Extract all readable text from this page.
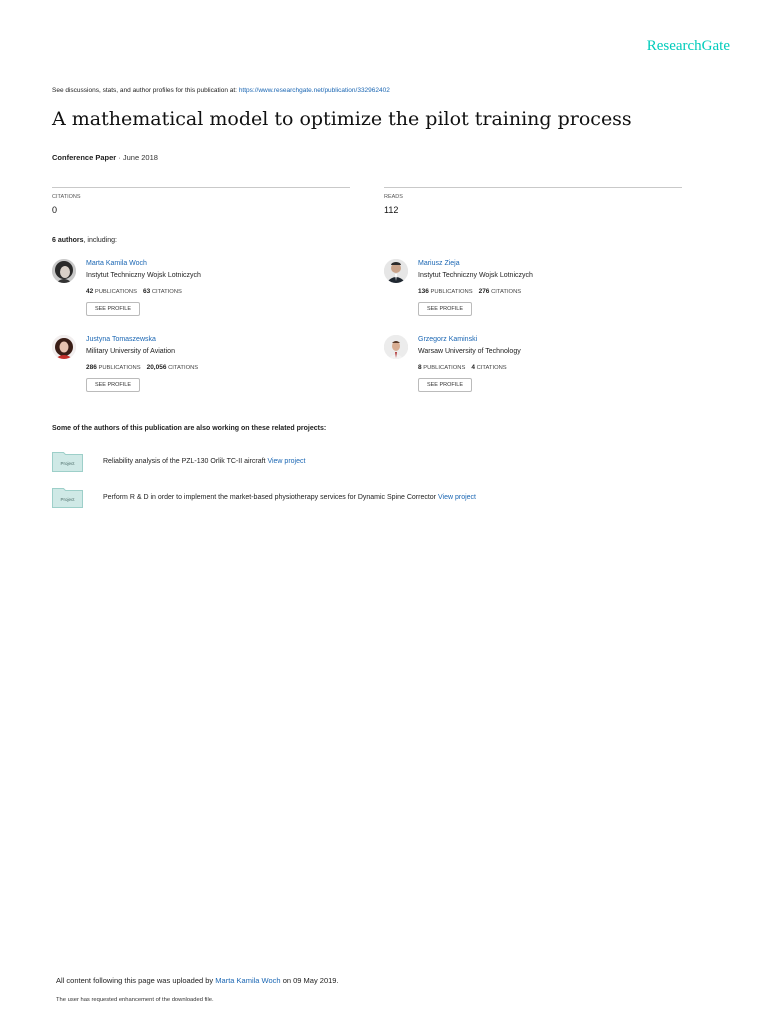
ResearchGate
See discussions, stats, and author profiles for this publication at: https://www.researchgate.net/publication/332962402
A mathematical model to optimize the pilot training process
Conference Paper · June 2018
CITATIONS
0
READS
112
6 authors, including:
Marta Kamila Woch
Instytut Techniczny Wojsk Lotniczych
42 PUBLICATIONS 63 CITATIONS
SEE PROFILE
Mariusz Zieja
Instytut Techniczny Wojsk Lotniczych
136 PUBLICATIONS 276 CITATIONS
SEE PROFILE
Justyna Tomaszewska
Military University of Aviation
286 PUBLICATIONS 20,056 CITATIONS
SEE PROFILE
Grzegorz Kaminski
Warsaw University of Technology
8 PUBLICATIONS 4 CITATIONS
SEE PROFILE
Some of the authors of this publication are also working on these related projects:
Project	Reliability analysis of the PZL-130 Orlik TC-II aircraft View project
Project	Perform R & D in order to implement the market-based physiotherapy services for Dynamic Spine Corrector View project
All content following this page was uploaded by Marta Kamila Woch on 09 May 2019.
The user has requested enhancement of the downloaded file.
